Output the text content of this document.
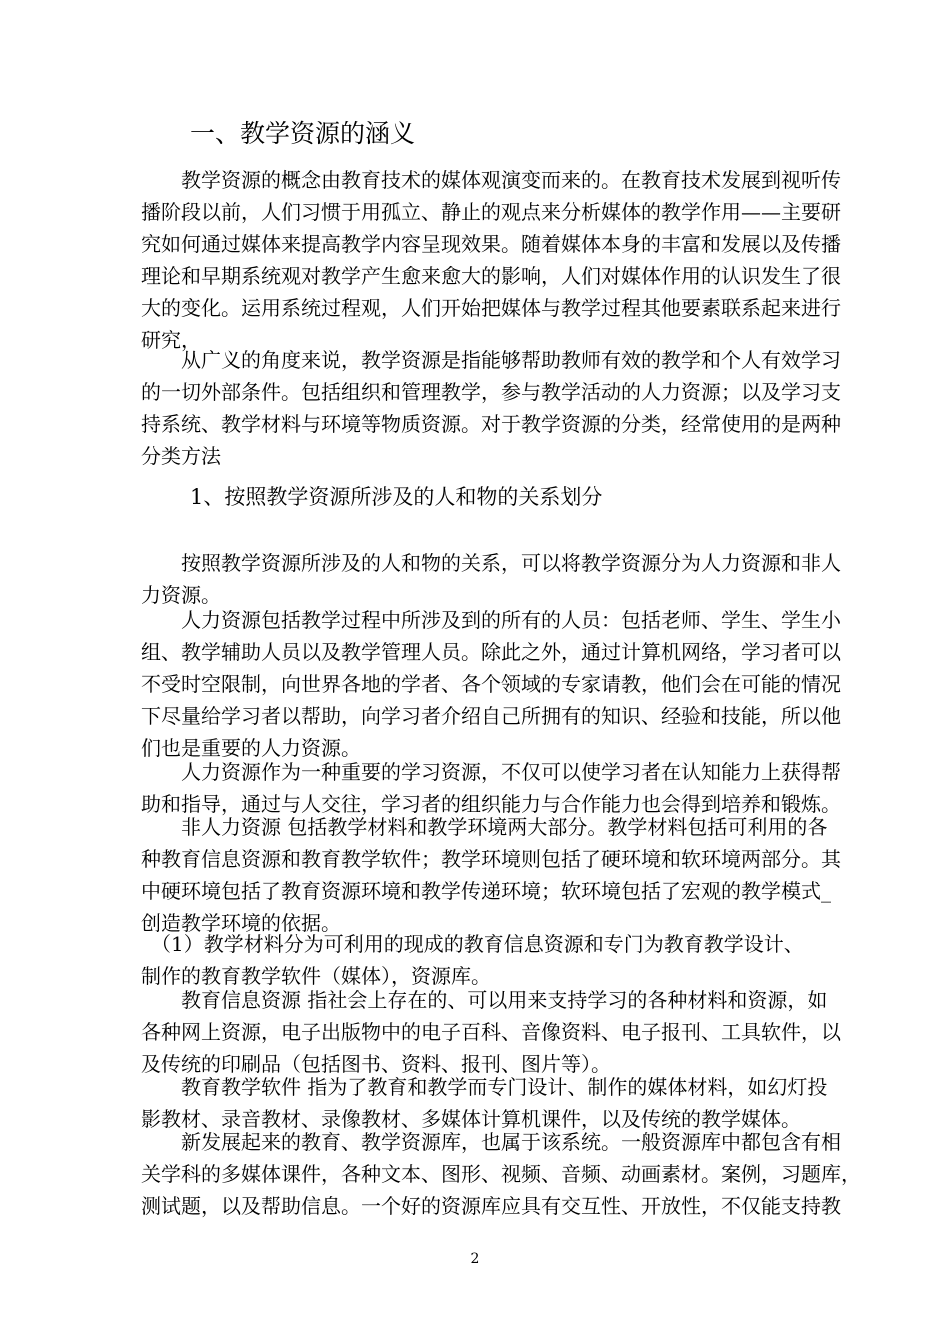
一、教学资源的涵义
1、按照教学资源所涉及的人和物的关系划分
　　教学资源的概念由教育技术的媒体观演变而来的。在教育技术发展到视听传
播阶段以前，人们习惯于用孤立、静止的观点来分析媒体的教学作用——主要研
究如何通过媒体来提高教学内容呈现效果。随着媒体本身的丰富和发展以及传播
理论和早期系统观对教学产生愈来愈大的影响，人们对媒体作用的认识发生了很
大的变化。运用系统过程观，人们开始把媒体与教学过程其他要素联系起来进行
研究，
　　从广义的角度来说，教学资源是指能够帮助教师有效的教学和个人有效学习
的一切外部条件。包括组织和管理教学，参与教学活动的人力资源；以及学习支
持系统、教学材料与环境等物质资源。对于教学资源的分类，经常使用的是两种
分类方法
　　按照教学资源所涉及的人和物的关系，可以将教学资源分为人力资源和非人
力资源。
　　人力资源包括教学过程中所涉及到的所有的人员：包括老师、学生、学生小
组、教学辅助人员以及教学管理人员。除此之外，通过计算机网络，学习者可以
不受时空限制，向世界各地的学者、各个领域的专家请教，他们会在可能的情况
下尽量给学习者以帮助，向学习者介绍自己所拥有的知识、经验和技能，所以他
们也是重要的人力资源。
　　人力资源作为一种重要的学习资源，不仅可以使学习者在认知能力上获得帮
助和指导，通过与人交往，学习者的组织能力与合作能力也会得到培养和锻炼。
　　非人力资源 包括教学材料和教学环境两大部分。教学材料包括可利用的各
种教育信息资源和教育教学软件；教学环境则包括了硬环境和软环境两部分。其
中硬环境包括了教育资源环境和教学传递环境；软环境包括了宏观的教学模式_
创造教学环境的依据。
　（1）教学材料分为可利用的现成的教育信息资源和专门为教育教学设计、
制作的教育教学软件（媒体），资源库。
　　教育信息资源 指社会上存在的、可以用来支持学习的各种材料和资源，如
各种网上资源，电子出版物中的电子百科、音像资料、电子报刊、工具软件，以
及传统的印刷品（包括图书、资料、报刊、图片等）。
　　教育教学软件 指为了教育和教学而专门设计、制作的媒体材料，如幻灯投
影教材、录音教材、录像教材、多媒体计算机课件，以及传统的教学媒体。
　　新发展起来的教育、教学资源库，也属于该系统。一般资源库中都包含有相
关学科的多媒体课件，各种文本、图形、视频、音频、动画素材。案例，习题库，
测试题，以及帮助信息。一个好的资源库应具有交互性、开放性，不仅能支持教
2
